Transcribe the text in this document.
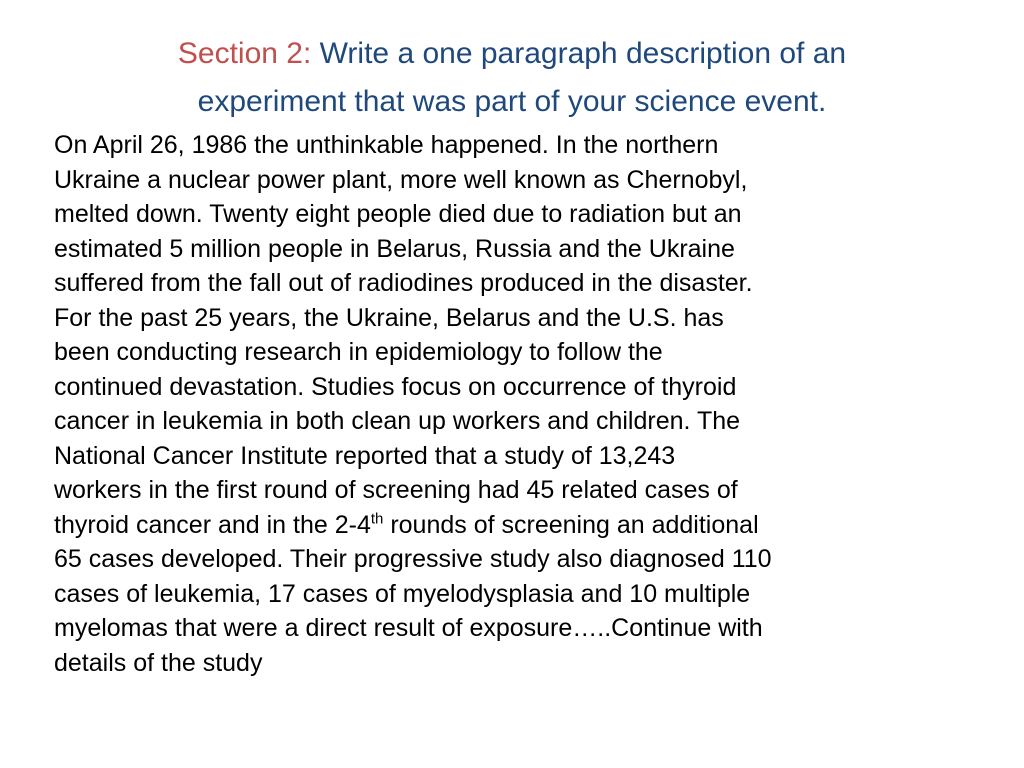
Section 2: Write a one paragraph description of an
experiment that was part of your science event.
On April 26, 1986 the unthinkable happened. In the northern
Ukraine a nuclear power plant, more well known as Chernobyl,
melted down. Twenty eight people died due to radiation but an
estimated 5 million people in Belarus, Russia and the Ukraine
suffered from the fall out of radiodines produced in the disaster.
For the past 25 years, the Ukraine, Belarus and the U.S. has
been conducting research in epidemiology to follow the
continued devastation. Studies focus on occurrence of thyroid
cancer in leukemia in both clean up workers and children. The
National Cancer Institute reported that a study of 13,243
workers in the first round of screening had 45 related cases of
thyroid cancer and in the 2-4th rounds of screening an additional
65 cases developed. Their progressive study also diagnosed 110
cases of leukemia, 17 cases of myelodysplasia and 10 multiple
myelomas that were a direct result of exposure…..Continue with
details of the study
